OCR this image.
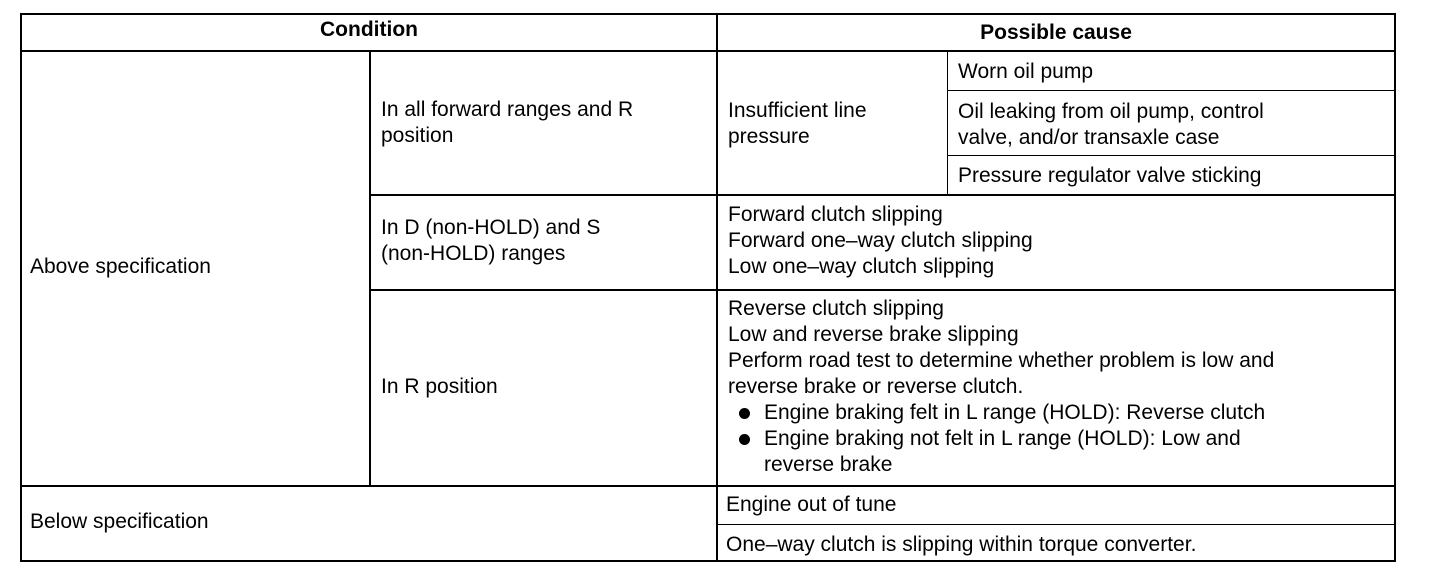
Condition	Possible cause
Above specification
In all forward ranges and R
position
Insufficient line
pressure
Worn oil pump
Oil leaking from oil pump, control
valve, and/or transaxle case
Pressure regulator valve sticking
In D (non-HOLD) and S
(non-HOLD) ranges
Forward clutch slipping
Forward one–way clutch slipping
Low one–way clutch slipping
In R position
Reverse clutch slipping
Low and reverse brake slipping
Perform road test to determine whether problem is low and
reverse brake or reverse clutch.
Engine braking felt in L range (HOLD): Reverse clutch
Engine braking not felt in L range (HOLD): Low and
reverse brake
Below specification
Engine out of tune
One–way clutch is slipping within torque converter.
